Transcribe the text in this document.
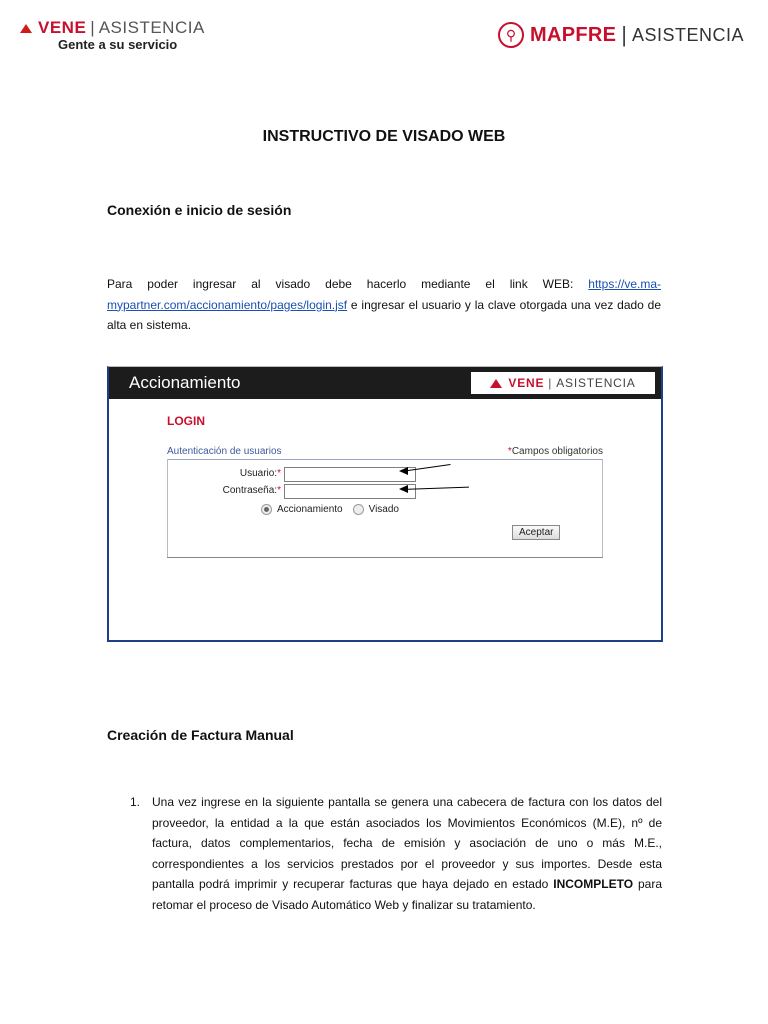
VENE | ASISTENCIA
Gente a su servicio
⚲ MAPFRE | ASISTENCIA
INSTRUCTIVO DE VISADO WEB
Conexión e inicio de sesión
Para poder ingresar al visado debe hacerlo mediante el link WEB: https://ve.ma-mypartner.com/accionamiento/pages/login.jsf e ingresar el usuario y la clave otorgada una vez dado de alta en sistema.
Accionamiento	VENE | ASISTENCIA
LOGIN
Autenticación de usuarios	*Campos obligatorios
Usuario:*
Contraseña:*
Accionamiento	Visado
Aceptar
Creación de Factura Manual
1. Una vez ingrese en la siguiente pantalla se genera una cabecera de factura con los datos del proveedor, la entidad a la que están asociados los Movimientos Económicos (M.E), nº de factura, datos complementarios, fecha de emisión y asociación de uno o más M.E., correspondientes a los servicios prestados por el proveedor y sus importes. Desde esta pantalla podrá imprimir y recuperar facturas que haya dejado en estado INCOMPLETO para retomar el proceso de Visado Automático Web y finalizar su tratamiento.
